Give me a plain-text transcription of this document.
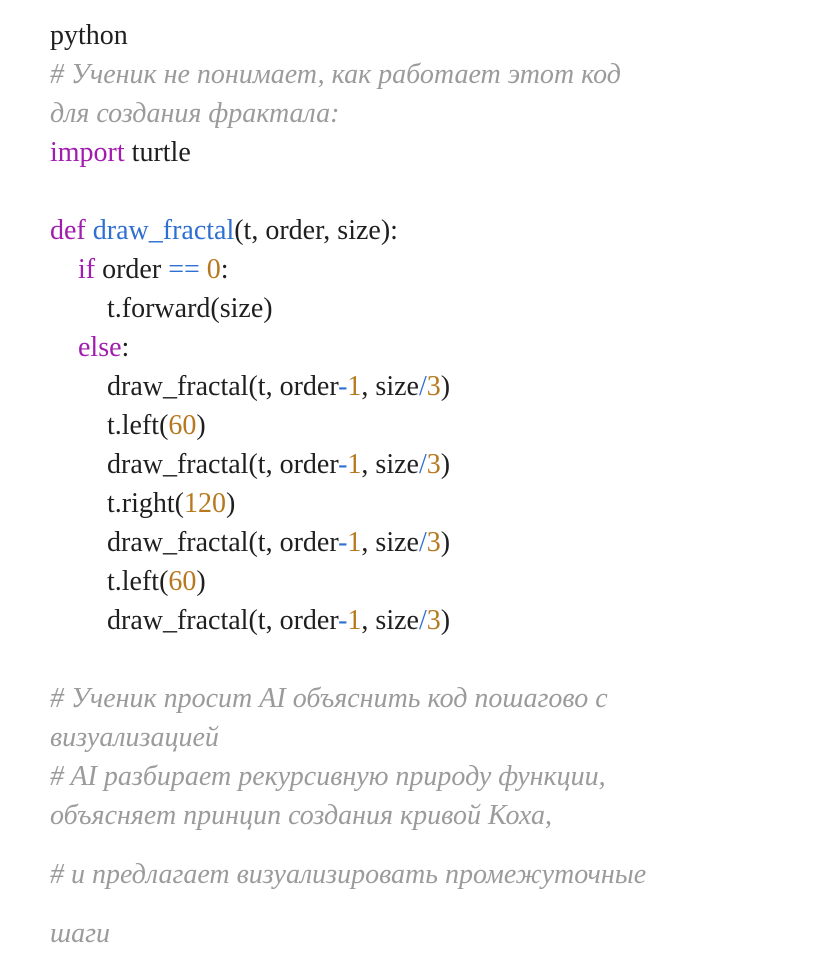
python
# Ученик не понимает, как работает этот код
для создания фрактала:
import turtle
def draw_fractal(t, order, size):
if order == 0:
t.forward(size)
else:
draw_fractal(t, order-1, size/3)
t.left(60)
draw_fractal(t, order-1, size/3)
t.right(120)
draw_fractal(t, order-1, size/3)
t.left(60)
draw_fractal(t, order-1, size/3)
# Ученик просит AI объяснить код пошагово с
визуализацией
# AI разбирает рекурсивную природу функции,
объясняет принцип создания кривой Коха,
# и предлагает визуализировать промежуточные
шаги
